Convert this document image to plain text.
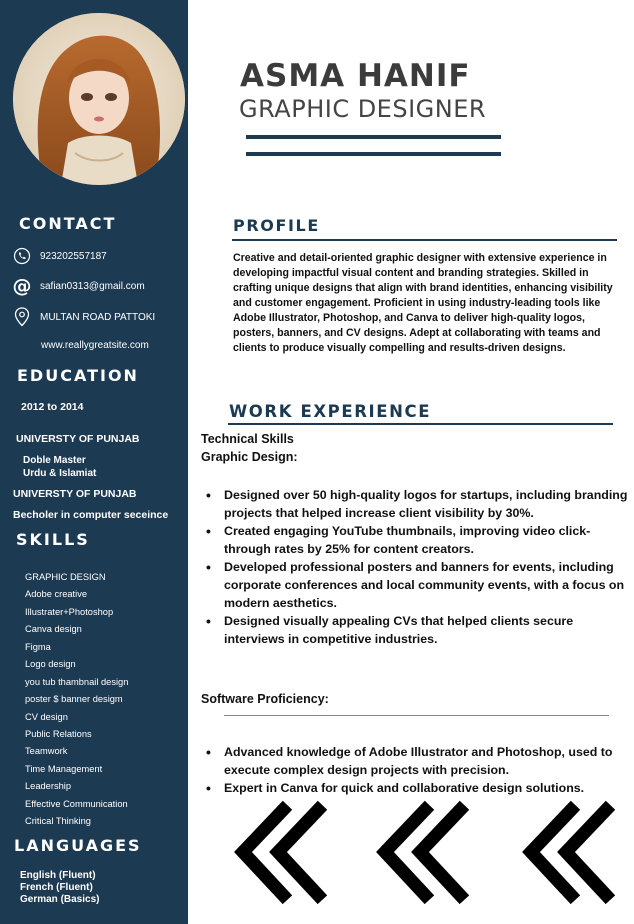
CONTACT
923202557187
@ safian0313@gmail.com
MULTAN ROAD PATTOKI
www.reallygreatsite.com
EDUCATION
2012 to 2014
UNIVERSTY OF PUNJAB
Doble Master
Urdu & Islamiat
UNIVERSTY OF PUNJAB
Becholer in computer seceince
SKILLS
GRAPHIC DESIGN
Adobe creative
Illustrater+Photoshop
Canva design
Figma
Logo design
you tub thambnail design
poster $ banner desigm
CV design
Public Relations
Teamwork
Time Management
Leadership
Effective Communication
Critical Thinking
LANGUAGES
English (Fluent)
French (Fluent)
German (Basics)
ASMA HANIF
GRAPHIC DESIGNER
PROFILE
Creative and detail-oriented graphic designer with extensive experience in developing impactful visual content and branding strategies. Skilled in crafting unique designs that align with brand identities, enhancing visibility and customer engagement. Proficient in using industry-leading tools like Adobe Illustrator, Photoshop, and Canva to deliver high-quality logos, posters, banners, and CV designs. Adept at collaborating with teams and clients to produce visually compelling and results-driven designs.
WORK EXPERIENCE
Technical Skills
Graphic Design:
• Designed over 50 high-quality logos for startups, including branding projects that helped increase client visibility by 30%.
• Created engaging YouTube thumbnails, improving video click-through rates by 25% for content creators.
• Developed professional posters and banners for events, including corporate conferences and local community events, with a focus on modern aesthetics.
• Designed visually appealing CVs that helped clients secure interviews in competitive industries.
Software Proficiency:
• Advanced knowledge of Adobe Illustrator and Photoshop, used to execute complex design projects with precision.
• Expert in Canva for quick and collaborative design solutions.
